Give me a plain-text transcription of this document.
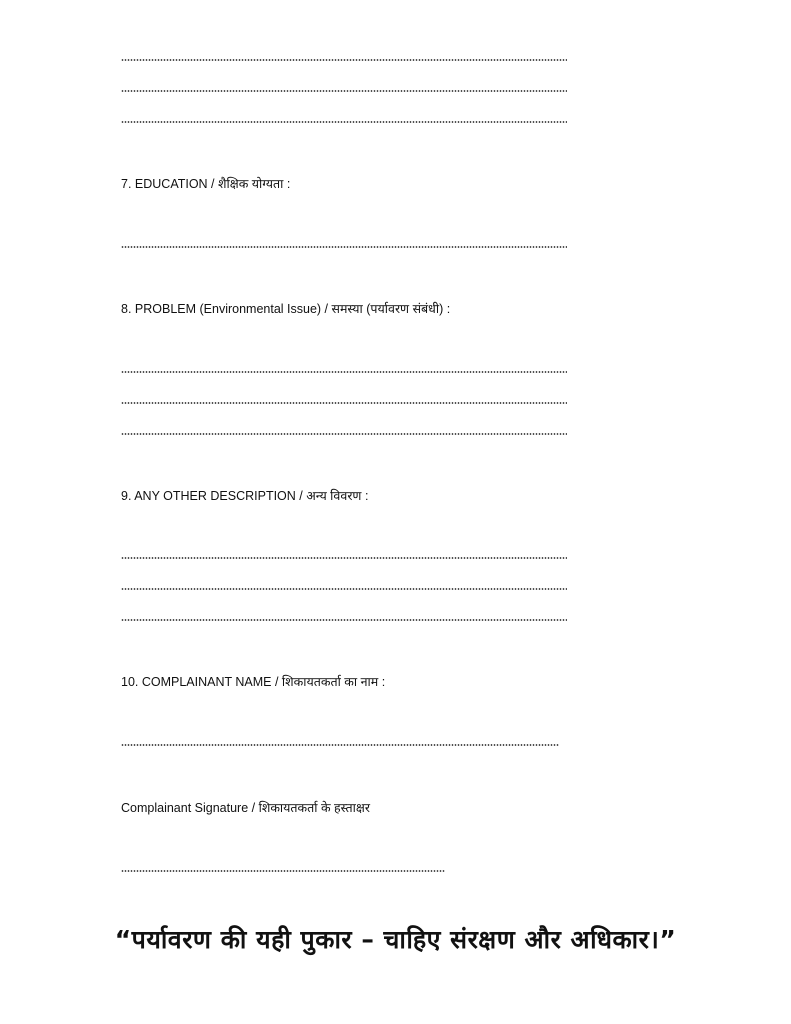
7. EDUCATION / शैक्षिक योग्यता :
8. PROBLEM (Environmental Issue) / समस्या (पर्यावरण संबंधी) :
9. ANY OTHER DESCRIPTION / अन्य विवरण :
10. COMPLAINANT NAME / शिकायतकर्ता का नाम :
Complainant Signature / शिकायतकर्ता के हस्ताक्षर
“पर्यावरण की यही पुकार – चाहिए संरक्षण और अधिकार।”
